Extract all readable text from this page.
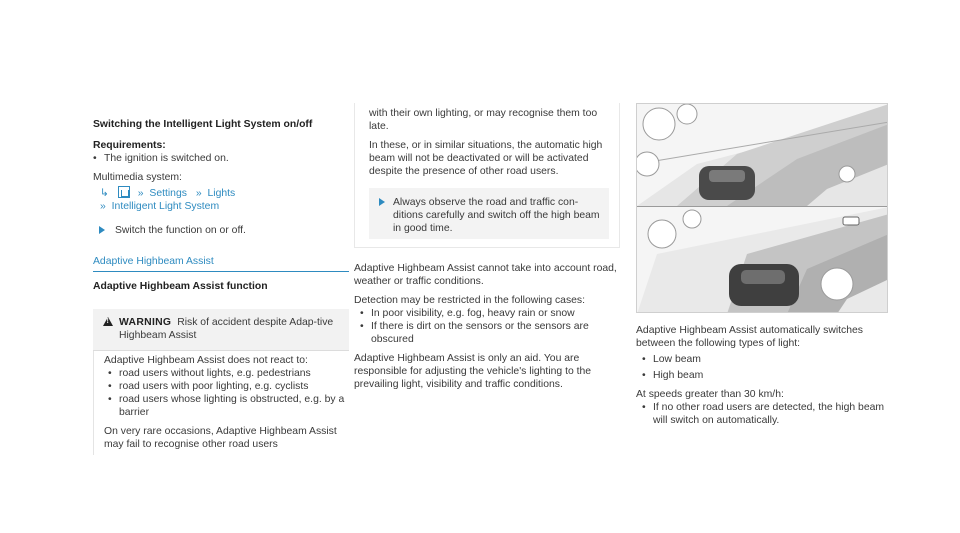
Switching the Intelligent Light System on/off
Requirements:
• The ignition is switched on.
Multimedia system:
↳	» Settings » Lights
» Intelligent Light System
Switch the function on or off.
Adaptive Highbeam Assist
Adaptive Highbeam Assist function
!
WARNING Risk of accident despite Adap-tive Highbeam Assist
Adaptive Highbeam Assist does not react to:
• road users without lights, e.g. pedestrians
• road users with poor lighting, e.g. cyclists
• road users whose lighting is obstructed, e.g. by a barrier
On very rare occasions, Adaptive Highbeam Assist may fail to recognise other road users
with their own lighting, or may recognise them too late.
In these, or in similar situations, the automatic high beam will not be deactivated or will be activated despite the presence of other road users.
Always observe the road and traffic con-ditions carefully and switch off the high beam in good time.
Adaptive Highbeam Assist cannot take into account road, weather or traffic conditions.
Detection may be restricted in the following cases:
• In poor visibility, e.g. fog, heavy rain or snow
• If there is dirt on the sensors or the sensors are obscured
Adaptive Highbeam Assist is only an aid. You are responsible for adjusting the vehicle's lighting to the prevailing light, visibility and traffic conditions.
Adaptive Highbeam Assist automatically switches between the following types of light:
• Low beam
• High beam
At speeds greater than 30 km/h:
• If no other road users are detected, the high beam will switch on automatically.
